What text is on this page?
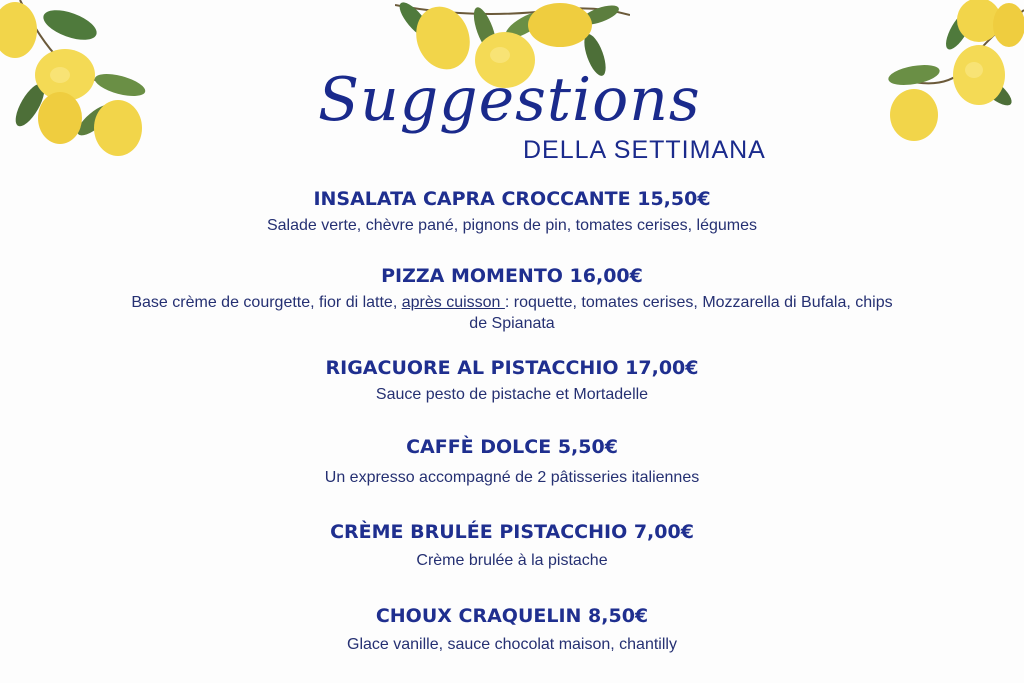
Suggestions
DELLA SETTIMANA
INSALATA CAPRA CROCCANTE 15,50€
Salade verte, chèvre pané, pignons de pin, tomates cerises, légumes
PIZZA MOMENTO 16,00€
Base crème de courgette, fior di latte, après cuisson : roquette, tomates cerises, Mozzarella di Bufala, chips de Spianata
RIGACUORE AL PISTACCHIO 17,00€
Sauce pesto de pistache et Mortadelle
CAFFÈ DOLCE 5,50€
Un expresso accompagné de 2 pâtisseries italiennes
CRÈME BRULÉE PISTACCHIO 7,00€
Crème brulée à la pistache
CHOUX CRAQUELIN 8,50€
Glace vanille, sauce chocolat maison, chantilly
